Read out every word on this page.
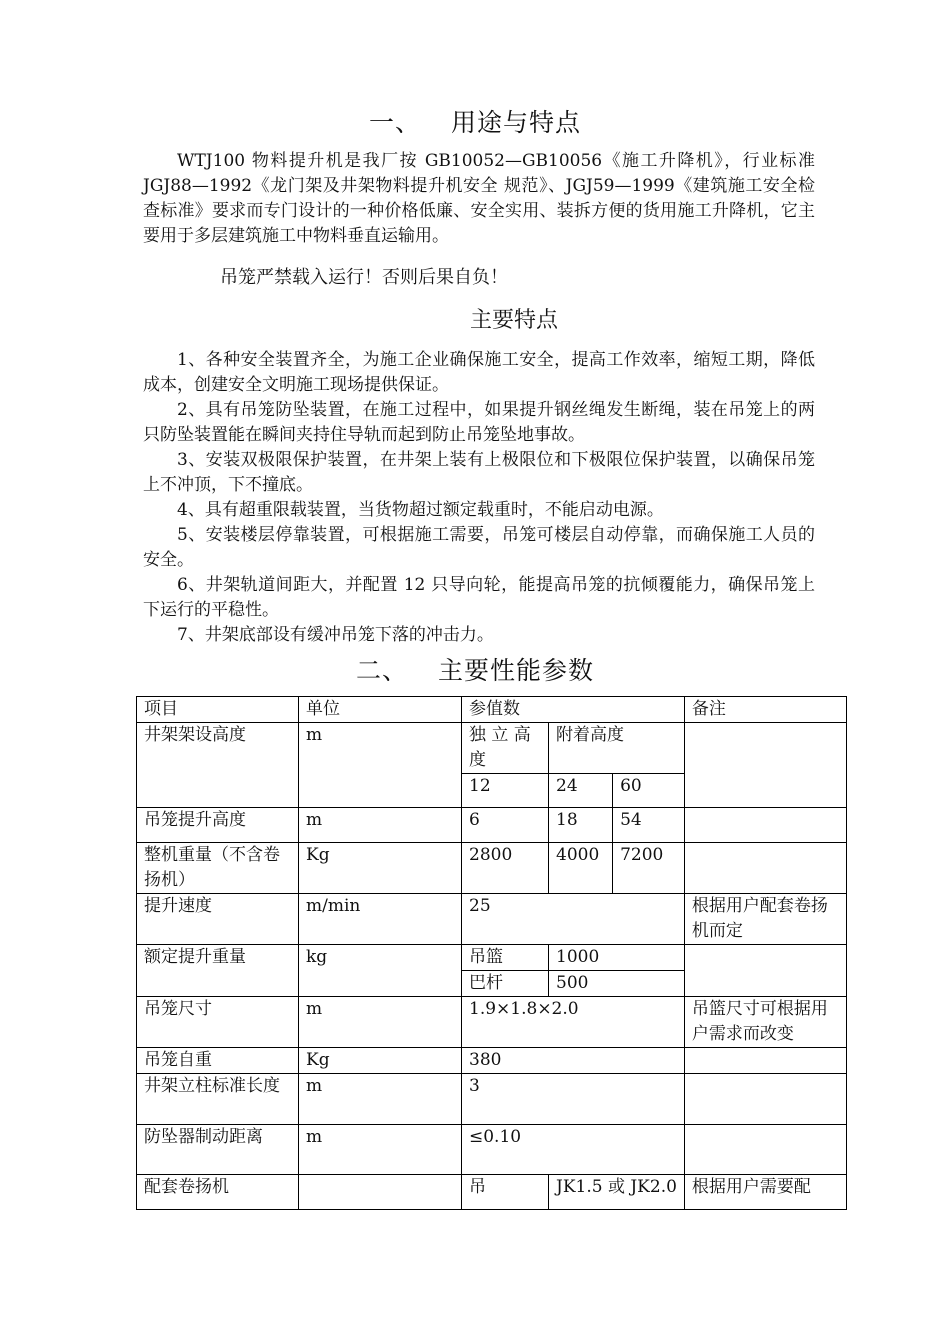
一、 用途与特点
WTJ100 物料提升机是我厂按 GB10052—GB10056《施工升降机》，行业标准JGJ88—1992《龙门架及井架物料提升机安全 规范》、JGJ59—1999《建筑施工安全检查标准》要求而专门设计的一种价格低廉、安全实用、装拆方便的货用施工升降机，它主要用于多层建筑施工中物料垂直运输用。
吊笼严禁载入运行！否则后果自负！
主要特点
1、各种安全装置齐全，为施工企业确保施工安全，提高工作效率，缩短工期，降低成本，创建安全文明施工现场提供保证。
2、具有吊笼防坠装置，在施工过程中，如果提升钢丝绳发生断绳，装在吊笼上的两只防坠装置能在瞬间夹持住导轨而起到防止吊笼坠地事故。
3、安装双极限保护装置，在井架上装有上极限位和下极限位保护装置，以确保吊笼上不冲顶，下不撞底。
4、具有超重限载装置，当货物超过额定载重时，不能启动电源。
5、安装楼层停靠装置，可根据施工需要，吊笼可楼层自动停靠，而确保施工人员的安全。
6、井架轨道间距大，并配置 12 只导向轮，能提高吊笼的抗倾覆能力，确保吊笼上下运行的平稳性。
7、井架底部设有缓冲吊笼下落的冲击力。
二、 主要性能参数
项目	单位	参值数			备注
井架架设高度	m	独 立 高度	附着高度		
		12	24	60	
吊笼提升高度	m	6	18	54	
整机重量（不含卷扬机）	Kg	2800	4000	7200	
提升速度	m/min	25			根据用户配套卷扬机而定
额定提升重量	kg	吊篮	1000		
		巴杆	500		
吊笼尺寸	m	1.9×1.8×2.0			吊篮尺寸可根据用户需求而改变
吊笼自重	Kg	380			
井架立柱标准长度	m	3			
防坠器制动距离	m	≤0.10			
配套卷扬机		吊	JK1.5 或 JK2.0		根据用户需要配
